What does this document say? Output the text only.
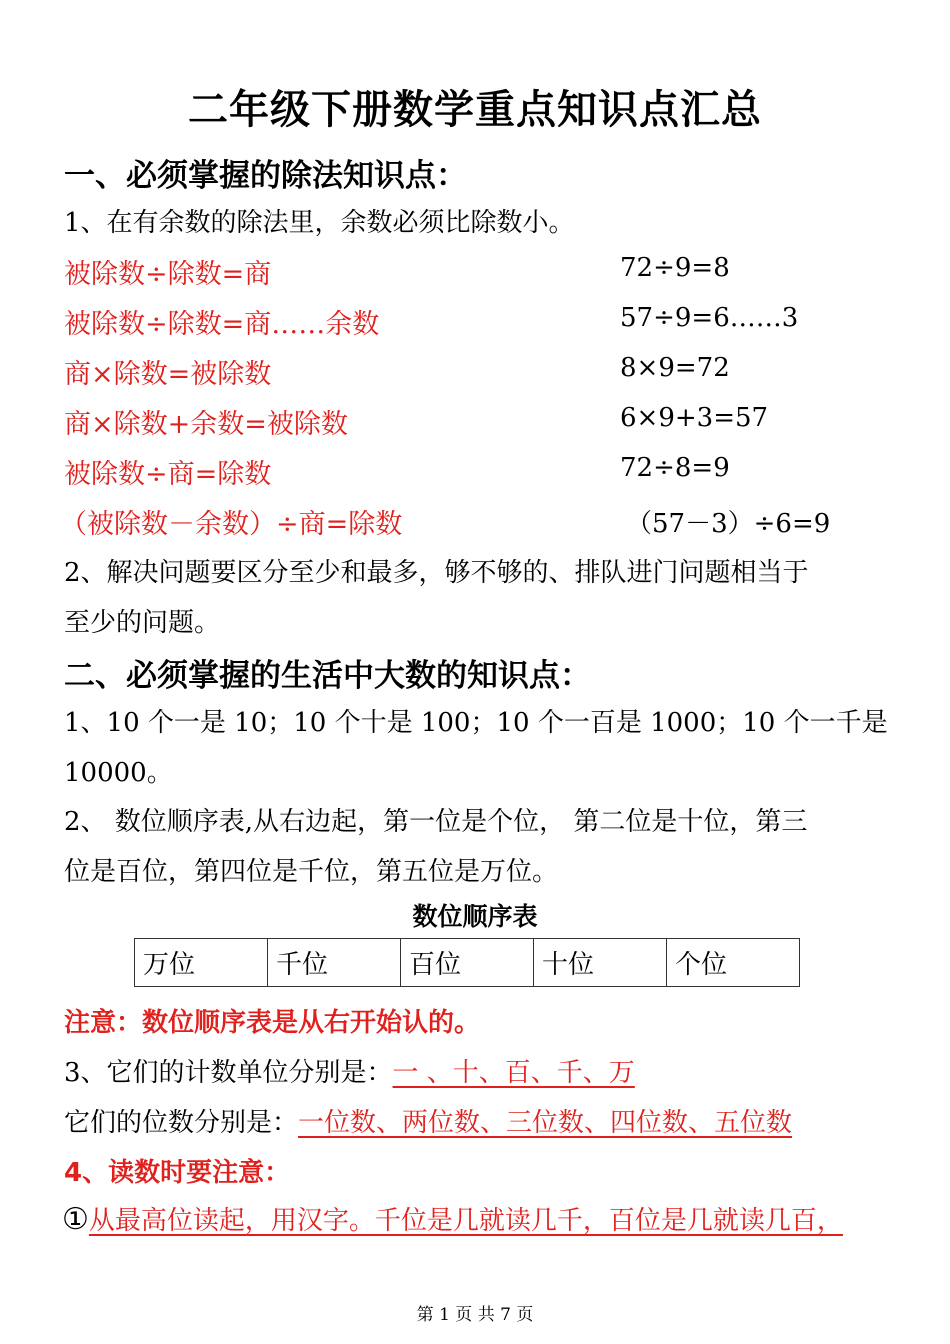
二年级下册数学重点知识点汇总
一、必须掌握的除法知识点：
1、在有余数的除法里，余数必须比除数小。
被除数÷除数=商	72÷9=8
被除数÷除数=商……余数	57÷9=6……3
商×除数=被除数	8×9=72
商×除数+余数=被除数	6×9+3=57
被除数÷商=除数	72÷8=9
（被除数－余数）÷商=除数	（57－3）÷6=9
2、解决问题要区分至少和最多，够不够的、排队进门问题相当于
至少的问题。
二、必须掌握的生活中大数的知识点：
1、10 个一是 10；10 个十是 100；10 个一百是 1000；10 个一千是
10000。
2、 数位顺序表,从右边起，第一位是个位， 第二位是十位，第三
位是百位，第四位是千位，第五位是万位。
数位顺序表
万位	千位	百位	十位	个位
注意：数位顺序表是从右开始认的。
3、它们的计数单位分别是：一 、十、百、千、万
它们的位数分别是：一位数、两位数、三位数、四位数、五位数
4、读数时要注意：
①从最高位读起，用汉字。千位是几就读几千，百位是几就读几百，
第 1 页 共 7 页
